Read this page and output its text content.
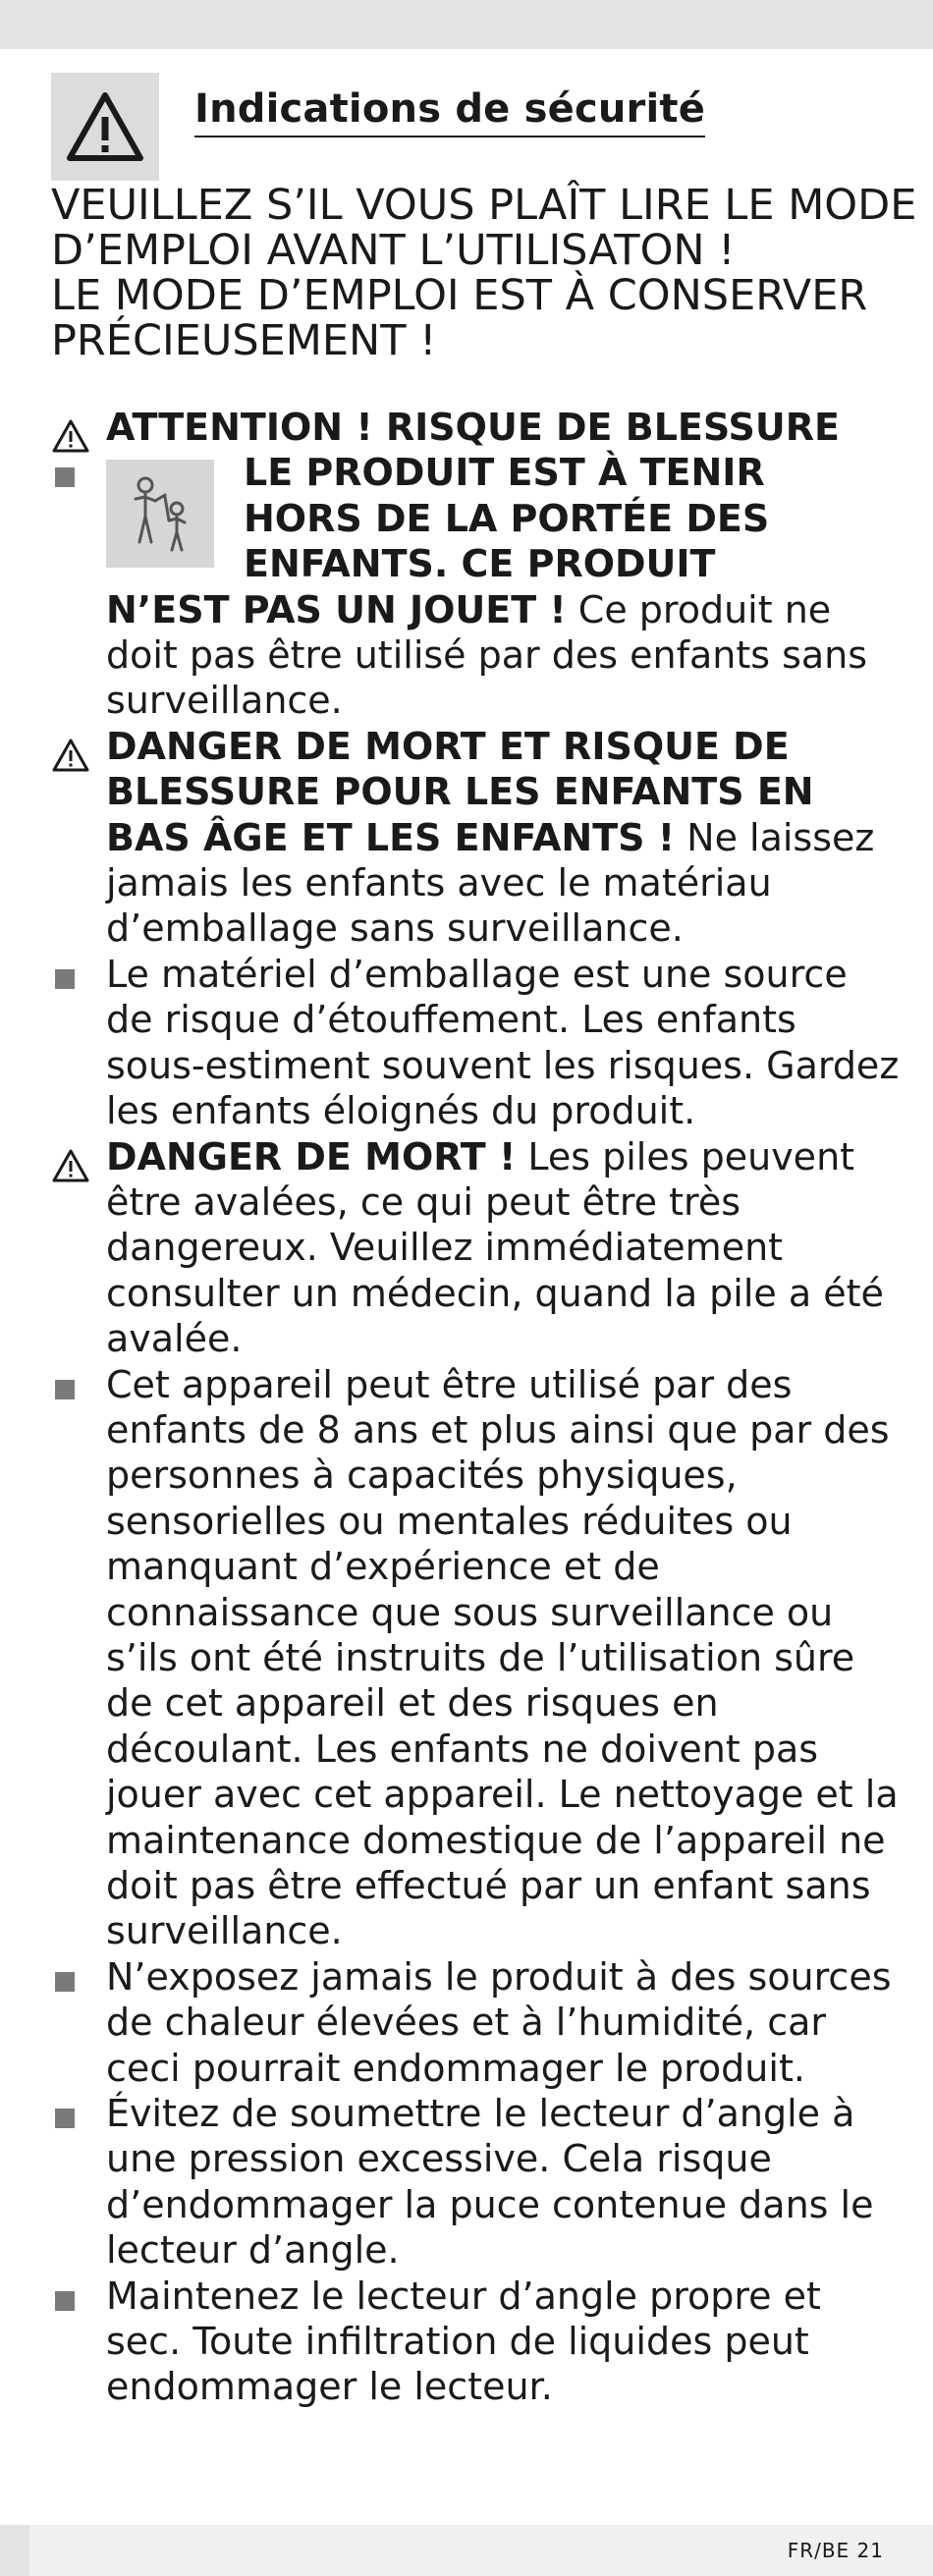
Indications de sécurité
VEUILLEZ S’IL VOUS PLAÎT LIRE LE MODE
D’EMPLOI AVANT L’UTILISATON !
LE MODE D’EMPLOI EST À CONSERVER
PRÉCIEUSEMENT !
ATTENTION ! RISQUE DE BLESSURE
LE PRODUIT EST À TENIR
HORS DE LA PORTÉE DES
ENFANTS. CE PRODUIT
N’EST PAS UN JOUET ! Ce produit ne doit pas être utilisé par des enfants sans surveillance.
DANGER DE MORT ET RISQUE DE BLESSURE POUR LES ENFANTS EN BAS ÂGE ET LES ENFANTS ! Ne laissez jamais les enfants avec le matériau d’emballage sans surveillance.
Le matériel d’emballage est une source de risque d’étouffement. Les enfants sous-estiment souvent les risques. Gardez les enfants éloignés du produit.
DANGER DE MORT ! Les piles peuvent être avalées, ce qui peut être très dangereux. Veuillez immédiatement consulter un médecin, quand la pile a été avalée.
Cet appareil peut être utilisé par des enfants de 8 ans et plus ainsi que par des personnes à capacités physiques, sensorielles ou mentales réduites ou manquant d’expérience et de connaissance que sous surveillance ou s’ils ont été instruits de l’utilisation sûre de cet appareil et des risques en découlant. Les enfants ne doivent pas jouer avec cet appareil. Le nettoyage et la maintenance domestique de l’appareil ne doit pas être effectué par un enfant sans surveillance.
N’exposez jamais le produit à des sources de chaleur élevées et à l’humidité, car ceci pourrait endommager le produit.
Évitez de soumettre le lecteur d’angle à une pression excessive. Cela risque d’endommager la puce contenue dans le lecteur d’angle.
Maintenez le lecteur d’angle propre et sec. Toute infiltration de liquides peut endommager le lecteur.
FR/BE 21
